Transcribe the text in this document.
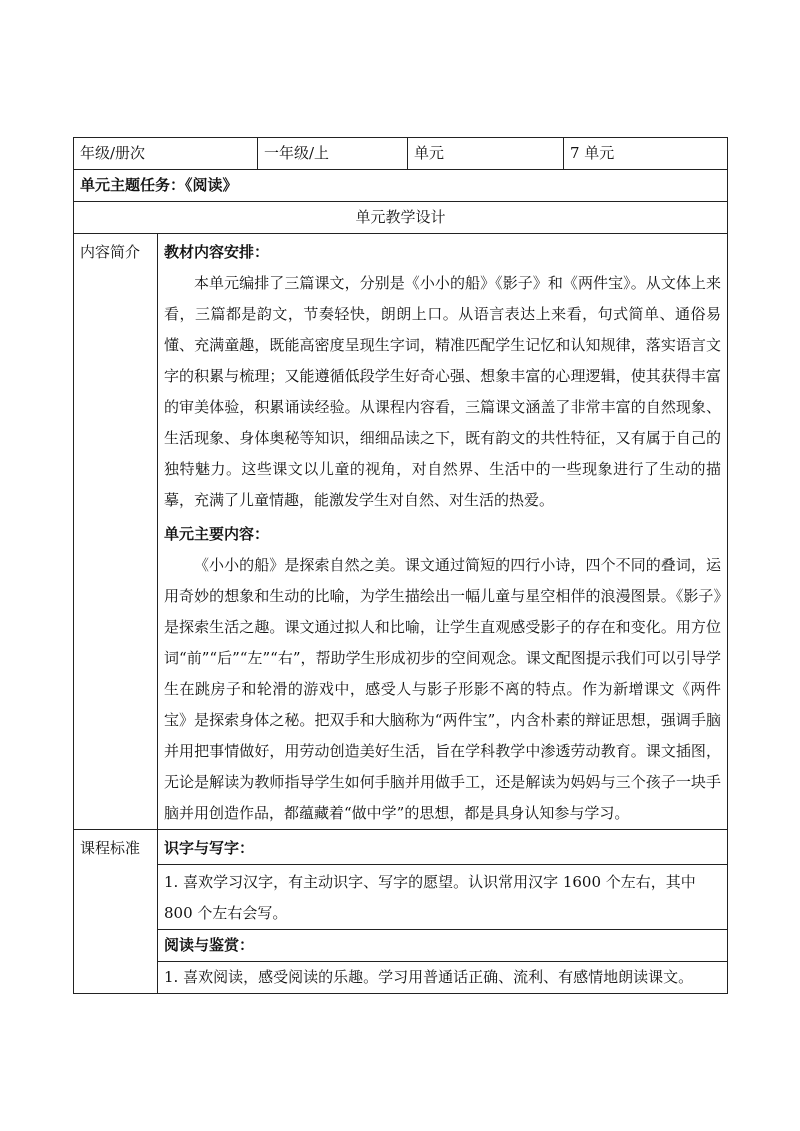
年级/册次		一年级/上	单元	7 单元
单元主题任务：《阅读》				
单元教学设计				
内容简介	教材内容安排：

本单元编排了三篇课文，分别是《小小的船》《影子》和《两件宝》。从文体上来看，三篇都是韵文，节奏轻快，朗朗上口。从语言表达上来看，句式简单、通俗易懂、充满童趣，既能高密度呈现生字词，精准匹配学生记忆和认知规律，落实语言文字的积累与梳理；又能遵循低段学生好奇心强、想象丰富的心理逻辑，使其获得丰富的审美体验，积累诵读经验。从课程内容看，三篇课文涵盖了非常丰富的自然现象、生活现象、身体奥秘等知识，细细品读之下，既有韵文的共性特征，又有属于自己的独特魅力。这些课文以儿童的视角，对自然界、生活中的一些现象进行了生动的描摹，充满了儿童情趣，能激发学生对自然、对生活的热爱。

单元主要内容：

《小小的船》是探索自然之美。课文通过简短的四行小诗，四个不同的叠词，运用奇妙的想象和生动的比喻，为学生描绘出一幅儿童与星空相伴的浪漫图景。《影子》是探索生活之趣。课文通过拟人和比喻，让学生直观感受影子的存在和变化。用方位词“前”“后”“左”“右”，帮助学生形成初步的空间观念。课文配图提示我们可以引导学生在跳房子和轮滑的游戏中，感受人与影子形影不离的特点。作为新增课文《两件宝》是探索身体之秘。把双手和大脑称为“两件宝”，内含朴素的辩证思想，强调手脑并用把事情做好，用劳动创造美好生活，旨在学科教学中渗透劳动教育。课文插图，无论是解读为教师指导学生如何手脑并用做手工，还是解读为妈妈与三个孩子一块手脑并用创造作品，都蕴藏着“做中学”的思想，都是具身认知参与学习。			

课程标准	识字与写字：
1. 喜欢学习汉字，有主动识字、写字的愿望。认识常用汉字 1600 个左右，其中 800 个左右会写。
阅读与鉴赏：
1. 喜欢阅读，感受阅读的乐趣。学习用普通话正确、流利、有感情地朗读课文。			
